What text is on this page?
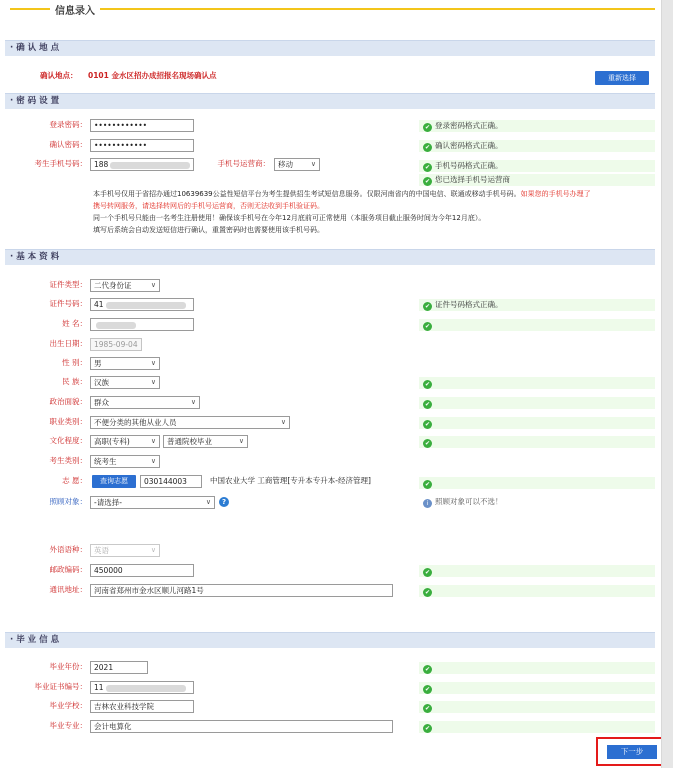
信息录入
· 确 认 地 点
确认地点： 0101 金水区招办成招报名现场确认点	重新选择
· 密 码 设 置
登录密码： ••••••••••••	✔ 登录密码格式正确。
确认密码： ••••••••••••	✔ 确认密码格式正确。
考生手机号码： 188	手机号运营商：	移动	∨	✔ 手机号码格式正确。
✔ 您已选择手机号运营商
本手机号仅用于省招办通过10639639公益性短信平台为考生提供招生考试短信息服务。仅限河南省内的中国电信、联通或移动手机号码。如果您的手机号办理了
携号转网服务，请选择转网后的手机号运营商，否则无法收到手机验证码。
同一个手机号只能由一名考生注册使用！确保该手机号在今年12月底前可正常使用（本服务项目截止服务时间为今年12月底）。
填写后系统会自动发送短信进行确认，重置密码时也需要使用该手机号码。
· 基 本 资 料
证件类型： 二代身份证	∨
证件号码： 41	✔ 证件号码格式正确。
姓 名：	✔
出生日期： 1985-09-04
性 别： 男	∨
民 族： 汉族	∨	✔
政治面貌： 群众	∨	✔
职业类别： 不便分类的其他从业人员	∨	✔
文化程度： 高职(专科)	∨	普通院校毕业	∨	✔
考生类别： 统考生	∨
志 愿：	查询志愿	030144003	中国农业大学 工商管理[专升本专升本-经济管理]	✔
照顾对象： -请选择-	∨	?	i 照顾对象可以不选！
外语语种： 英语	∨
邮政编码： 450000	✔
通讯地址： 河南省郑州市金水区顺儿河路1号	✔
· 毕 业 信 息
毕业年份： 2021	✔
毕业证书编号： 11	✔
毕业学校： 吉林农业科技学院	✔
毕业专业： 会计电算化	✔
下一步
